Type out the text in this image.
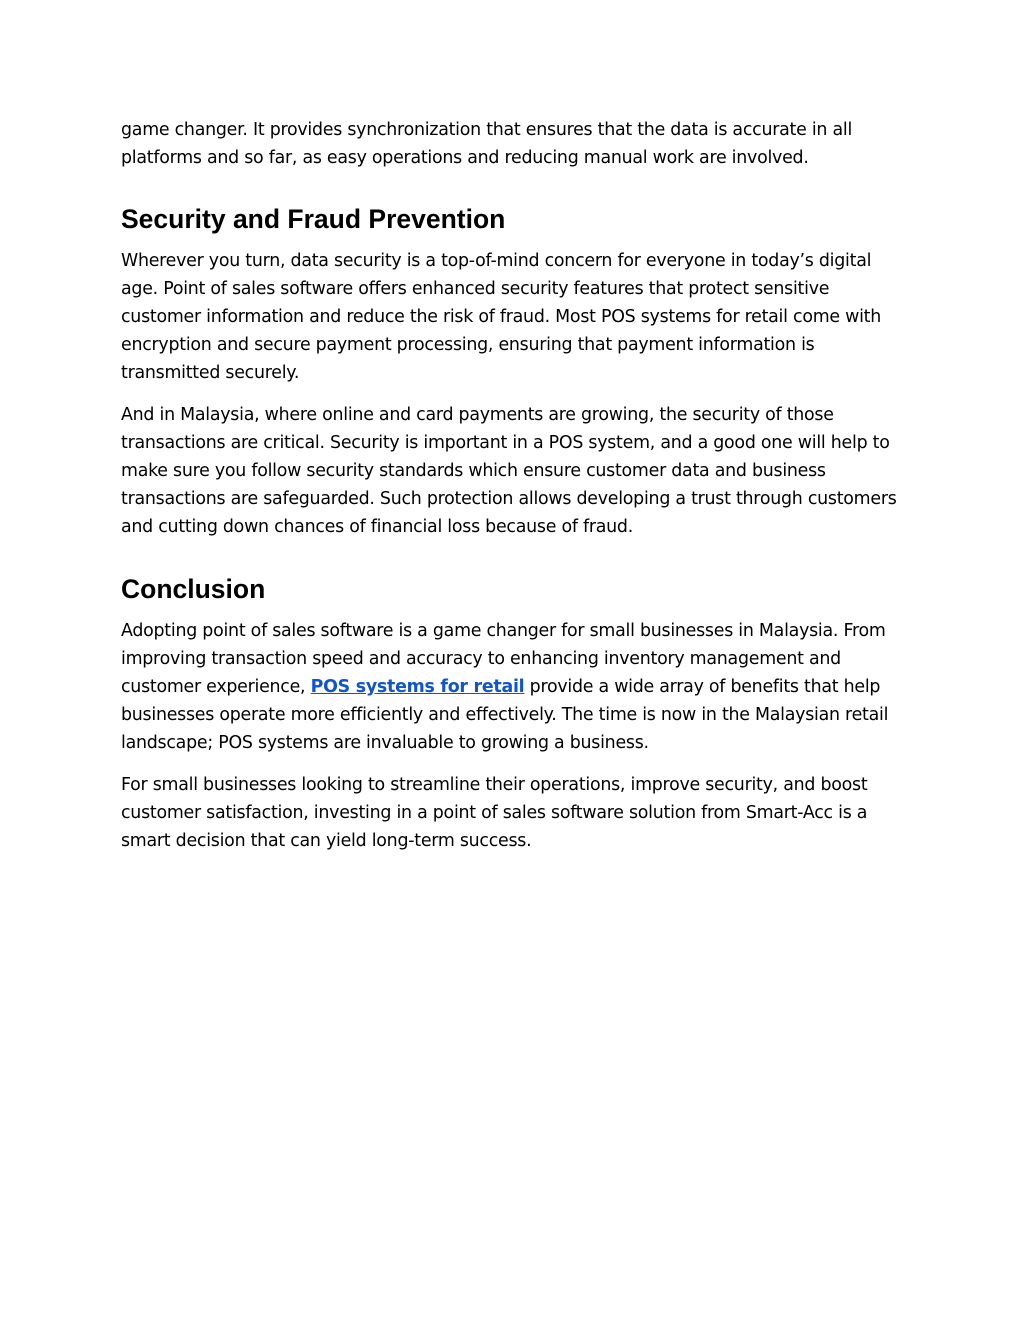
game changer. It provides synchronization that ensures that the data is accurate in all platforms and so far, as easy operations and reducing manual work are involved.

Security and Fraud Prevention

Wherever you turn, data security is a top-of-mind concern for everyone in today’s digital age. Point of sales software offers enhanced security features that protect sensitive customer information and reduce the risk of fraud. Most POS systems for retail come with encryption and secure payment processing, ensuring that payment information is transmitted securely.

And in Malaysia, where online and card payments are growing, the security of those transactions are critical. Security is important in a POS system, and a good one will help to make sure you follow security standards which ensure customer data and business transactions are safeguarded. Such protection allows developing a trust through customers and cutting down chances of financial loss because of fraud.

Conclusion

Adopting point of sales software is a game changer for small businesses in Malaysia. From improving transaction speed and accuracy to enhancing inventory management and customer experience, POS systems for retail provide a wide array of benefits that help businesses operate more efficiently and effectively. The time is now in the Malaysian retail landscape; POS systems are invaluable to growing a business.

For small businesses looking to streamline their operations, improve security, and boost customer satisfaction, investing in a point of sales software solution from Smart-Acc is a smart decision that can yield long-term success.
